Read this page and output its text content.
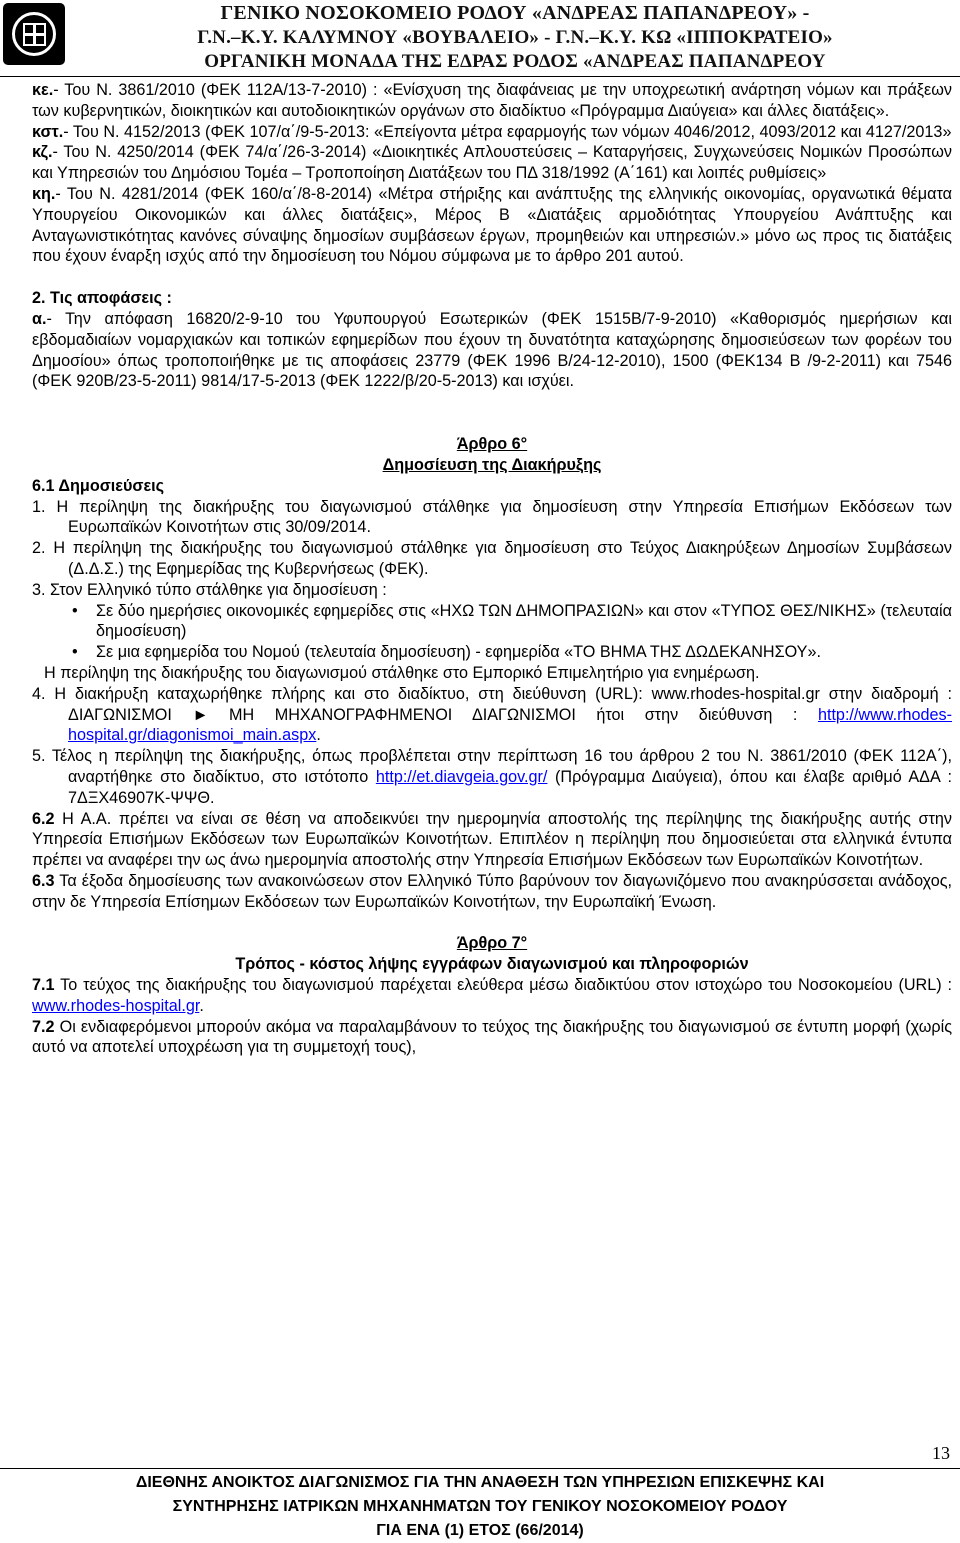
ΓΕΝΙΚΟ ΝΟΣΟΚΟΜΕΙΟ ΡΟΔΟΥ «ΑΝΔΡΕΑΣ ΠΑΠΑΝΔΡΕΟΥ» -
Γ.Ν.–Κ.Υ. ΚΑΛΥΜΝΟΥ «ΒΟΥΒΑΛΕΙΟ» - Γ.Ν.–Κ.Υ. ΚΩ «ΙΠΠΟΚΡΑΤΕΙΟ»
ΟΡΓΑΝΙΚΗ ΜΟΝΑΔΑ ΤΗΣ ΕΔΡΑΣ ΡΟΔΟΣ «ΑΝΔΡΕΑΣ ΠΑΠΑΝΔΡΕΟΥ

κε.- Του Ν. 3861/2010 (ΦΕΚ 112Α/13-7-2010) : «Ενίσχυση της διαφάνειας με την υποχρεωτική ανάρτηση νόμων και πράξεων των κυβερνητικών, διοικητικών και αυτοδιοικητικών οργάνων στο διαδίκτυο «Πρόγραμμα Διαύγεια» και άλλες διατάξεις».

κστ.- Του Ν. 4152/2013 (ΦΕΚ 107/α΄/9-5-2013: «Επείγοντα μέτρα εφαρμογής των νόμων 4046/2012, 4093/2012 και 4127/2013»

κζ.- Του Ν. 4250/2014 (ΦΕΚ 74/α΄/26-3-2014) «Διοικητικές Απλουστεύσεις – Καταργήσεις, Συγχωνεύσεις Νομικών Προσώπων και Υπηρεσιών του Δημόσιου Τομέα – Τροποποίηση Διατάξεων του ΠΔ 318/1992 (Α΄161) και λοιπές ρυθμίσεις»

κη.- Του Ν. 4281/2014 (ΦΕΚ 160/α΄/8-8-2014) «Μέτρα στήριξης και ανάπτυξης της ελληνικής οικονομίας, οργανωτικά θέματα Υπουργείου Οικονομικών και άλλες διατάξεις», Μέρος Β «Διατάξεις αρμοδιότητας Υπουργείου Ανάπτυξης και Ανταγωνιστικότητας κανόνες σύναψης δημοσίων συμβάσεων έργων, προμηθειών και υπηρεσιών.» μόνο ως προς τις διατάξεις που έχουν έναρξη ισχύς από την δημοσίευση του Νόμου σύμφωνα με το άρθρο 201 αυτού.

2. Τις αποφάσεις :

α.- Την απόφαση 16820/2-9-10 του Υφυπουργού Εσωτερικών (ΦΕΚ 1515Β/7-9-2010) «Καθορισμός ημερήσιων και εβδομαδιαίων νομαρχιακών και τοπικών εφημερίδων που έχουν τη δυνατότητα καταχώρησης δημοσιεύσεων των φορέων του Δημοσίου» όπως τροποποιήθηκε με τις αποφάσεις 23779 (ΦΕΚ 1996 Β/24-12-2010), 1500 (ΦΕΚ134 Β /9-2-2011) και 7546 (ΦΕΚ 920Β/23-5-2011) 9814/17-5-2013 (ΦΕΚ 1222/β/20-5-2013) και ισχύει.

Άρθρο 6°

Δημοσίευση της Διακήρυξης

6.1 Δημοσιεύσεις

1. Η περίληψη της διακήρυξης του διαγωνισμού στάλθηκε για δημοσίευση στην Υπηρεσία Επισήμων Εκδόσεων των Ευρωπαϊκών Κοινοτήτων στις 30/09/2014.

2. Η περίληψη της διακήρυξης του διαγωνισμού στάλθηκε για δημοσίευση στο Τεύχος Διακηρύξεων Δημοσίων Συμβάσεων (Δ.Δ.Σ.) της Εφημερίδας της Κυβερνήσεως (ΦΕΚ).

3. Στον Ελληνικό τύπο στάλθηκε για δημοσίευση :

• Σε δύο ημερήσιες οικονομικές εφημερίδες στις «ΗΧΩ ΤΩΝ ΔΗΜΟΠΡΑΣΙΩΝ» και στον «ΤΥΠΟΣ ΘΕΣ/ΝΙΚΗΣ» (τελευταία δημοσίευση)

• Σε μια εφημερίδα του Νομού (τελευταία δημοσίευση) - εφημερίδα «ΤΟ ΒΗΜΑ ΤΗΣ ΔΩΔΕΚΑΝΗΣΟΥ».

Η περίληψη της διακήρυξης του διαγωνισμού στάλθηκε στο Εμπορικό Επιμελητήριο για ενημέρωση.

4. Η διακήρυξη καταχωρήθηκε πλήρης και στο διαδίκτυο, στη διεύθυνση (URL): www.rhodes-hospital.gr στην διαδρομή : ΔΙΑΓΩΝΙΣΜΟΙ ► ΜΗ ΜΗΧΑΝΟΓΡΑΦΗΜΕΝΟΙ ΔΙΑΓΩΝΙΣΜΟΙ ήτοι στην διεύθυνση : http://www.rhodes-hospital.gr/diagonismoi_main.aspx.

5. Τέλος η περίληψη της διακήρυξης, όπως προβλέπεται στην περίπτωση 16 του άρθρου 2 του Ν. 3861/2010 (ΦΕΚ 112Α΄), αναρτήθηκε στο διαδίκτυο, στο ιστότοπο http://et.diavgeia.gov.gr/ (Πρόγραμμα Διαύγεια), όπου και έλαβε αριθμό ΑΔΑ : 7ΔΞΧ46907Κ-ΨΨΘ.

6.2 Η Α.Α. πρέπει να είναι σε θέση να αποδεικνύει την ημερομηνία αποστολής της περίληψης της διακήρυξης αυτής στην Υπηρεσία Επισήμων Εκδόσεων των Ευρωπαϊκών Κοινοτήτων. Επιπλέον η περίληψη που δημοσιεύεται στα ελληνικά έντυπα πρέπει να αναφέρει την ως άνω ημερομηνία αποστολής στην Υπηρεσία Επισήμων Εκδόσεων των Ευρωπαϊκών Κοινοτήτων.

6.3 Τα έξοδα δημοσίευσης των ανακοινώσεων στον Ελληνικό Τύπο βαρύνουν τον διαγωνιζόμενο που ανακηρύσσεται ανάδοχος, στην δε Υπηρεσία Επίσημων Εκδόσεων των Ευρωπαϊκών Κοινοτήτων, την Ευρωπαϊκή Ένωση.

Άρθρο 7°

Τρόπος - κόστος λήψης εγγράφων διαγωνισμού και πληροφοριών

7.1 Το τεύχος της διακήρυξης του διαγωνισμού παρέχεται ελεύθερα μέσω διαδικτύου στον ιστοχώρο του Νοσοκομείου (URL) : www.rhodes-hospital.gr.

7.2 Οι ενδιαφερόμενοι μπορούν ακόμα να παραλαμβάνουν το τεύχος της διακήρυξης του διαγωνισμού σε έντυπη μορφή (χωρίς αυτό να αποτελεί υποχρέωση για τη συμμετοχή τους),

13
ΔΙΕΘΝΗΣ ΑΝΟΙΚΤΟΣ ΔΙΑΓΩΝΙΣΜΟΣ ΓΙΑ ΤΗΝ ΑΝΑΘΕΣΗ ΤΩΝ ΥΠΗΡΕΣΙΩΝ ΕΠΙΣΚΕΨΗΣ ΚΑΙ
ΣΥΝΤΗΡΗΣΗΣ ΙΑΤΡΙΚΩΝ ΜΗΧΑΝΗΜΑΤΩΝ ΤΟΥ ΓΕΝΙΚΟΥ ΝΟΣΟΚΟΜΕΙΟΥ ΡΟΔΟΥ
ΓΙΑ ΕΝΑ (1) ΕΤΟΣ (66/2014)
